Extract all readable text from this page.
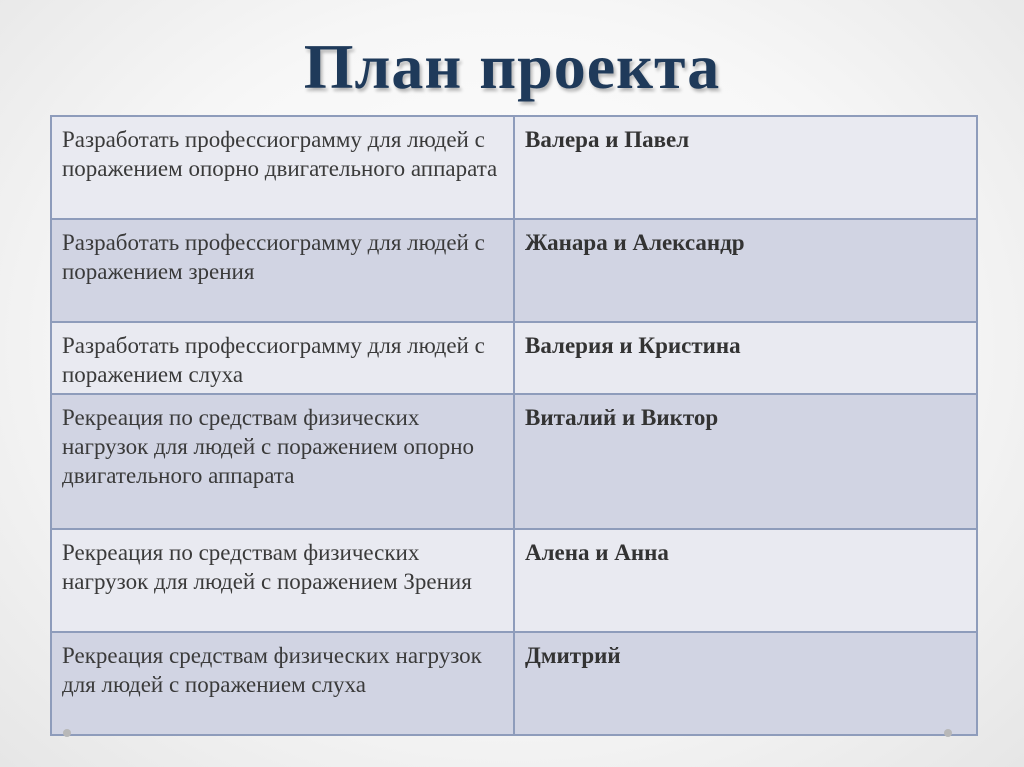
План проекта
Разработать профессиограмму для людей с поражением опорно двигательного аппарата	Валера и Павел
Разработать профессиограмму для людей с поражением зрения	Жанара и Александр
Разработать профессиограмму для людей с поражением слуха	Валерия и Кристина
Рекреация по средствам физических нагрузок для людей с поражением опорно двигательного аппарата	Виталий и Виктор
Рекреация по средствам физических нагрузок для людей с поражением Зрения	Алена и Анна
Рекреация средствам физических нагрузок для людей с поражением слуха	Дмитрий
